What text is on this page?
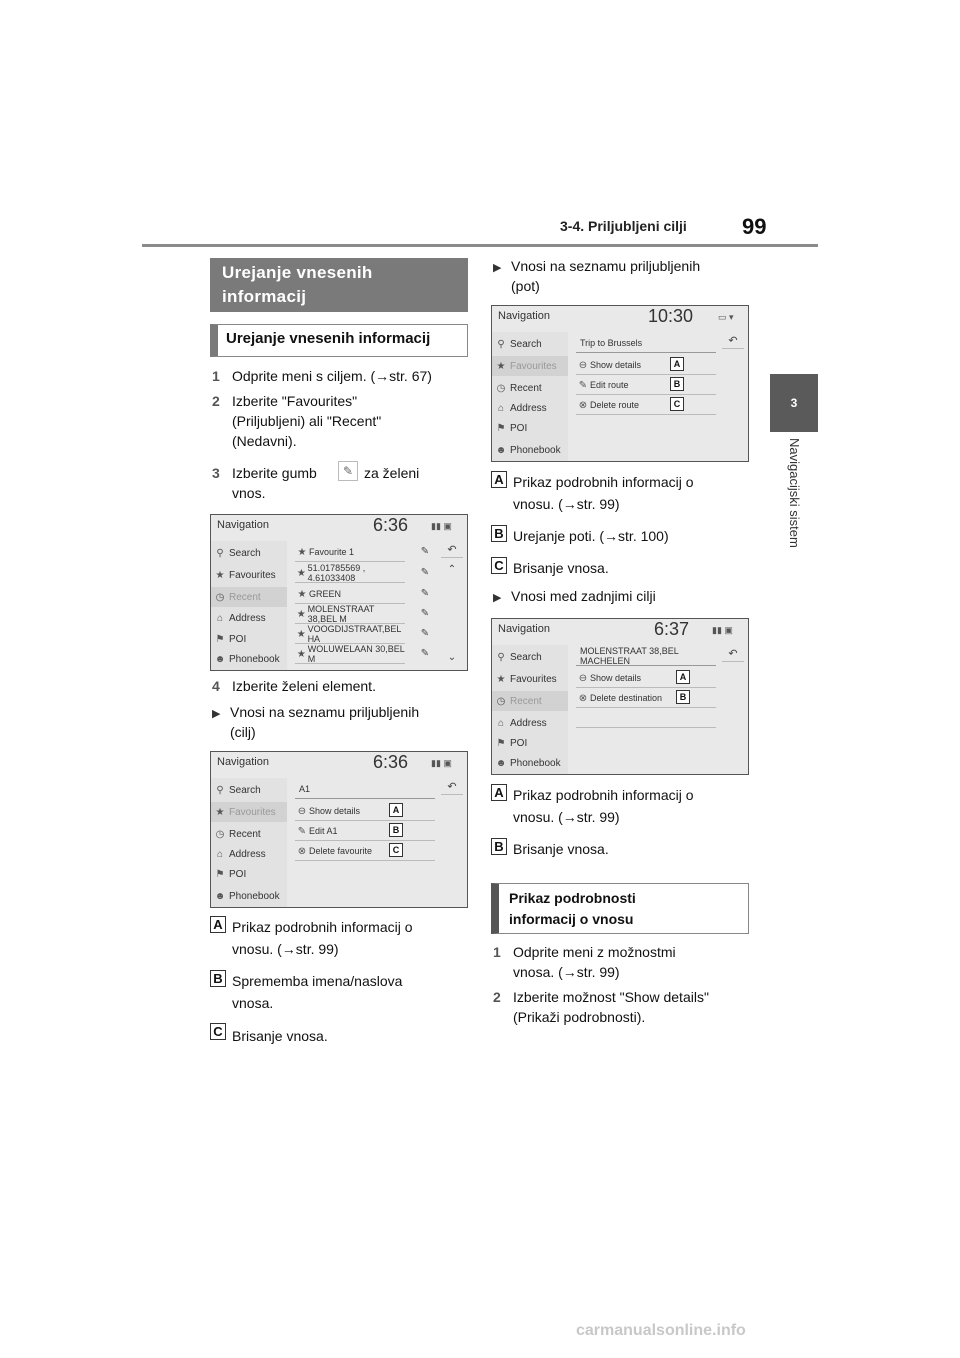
3-4. Priljubljeni cilji	99
3
Navigacijski sistem
Urejanje vnesenih informacij
Urejanje vnesenih informacij
1 Odprite meni s ciljem. (→str. 67)
2 Izberite "Favourites"
(Priljubljeni) ali "Recent"
(Nedavni).
3 Izberite gumb	✎ za želeni
vnos.
Navigation	6:36	▮▮ ▣
⚲ Search
★ Favourites
◷ Recent
⌂ Address
⚑ POI
☻ Phonebook
★ Favourite 1
★ 51.01785569 , 4.61033408
★ GREEN
★ MOLENSTRAAT 38,BEL M
★ VOOGDIJSTRAAT,BEL HA
★ WOLUWELAAN 30,BEL M
✎
✎
✎
✎
✎
✎
↶
⌃
⌄
4 Izberite želeni element.
▶ Vnosi na seznamu priljubljenih
(cilj)
Navigation	6:36	▮▮ ▣
⚲ Search
★ Favourites
◷ Recent
⌂ Address
⚑ POI
☻ Phonebook
A1	↶
⊖ Show details
✎ Edit A1
⊗ Delete favourite
A
B
C
A Prikaz podrobnih informacij o
vnosu. (→str. 99)
B Sprememba imena/naslova
vnosa.
C Brisanje vnosa.
▶ Vnosi na seznamu priljubljenih
(pot)
Navigation	10:30	▭ ▾
⚲ Search
★ Favourites
◷ Recent
⌂ Address
⚑ POI
☻ Phonebook
Trip to Brussels	↶
⊖ Show details
✎ Edit route
⊗ Delete route
A
B
C
A Prikaz podrobnih informacij o
vnosu. (→str. 99)
B Urejanje poti. (→str. 100)
C Brisanje vnosa.
▶ Vnosi med zadnjimi cilji
Navigation	6:37	▮▮ ▣
⚲ Search
★ Favourites
◷ Recent
⌂ Address
⚑ POI
☻ Phonebook
MOLENSTRAAT 38,BEL MACHELEN
↶
⊖ Show details
⊗ Delete destination
A
B
A Prikaz podrobnih informacij o
vnosu. (→str. 99)
B Brisanje vnosa.
Prikaz podrobnosti
informacij o vnosu
1 Odprite meni z možnostmi
vnosa. (→str. 99)
2 Izberite možnost "Show details"
(Prikaži podrobnosti).
carmanualsonline.info
